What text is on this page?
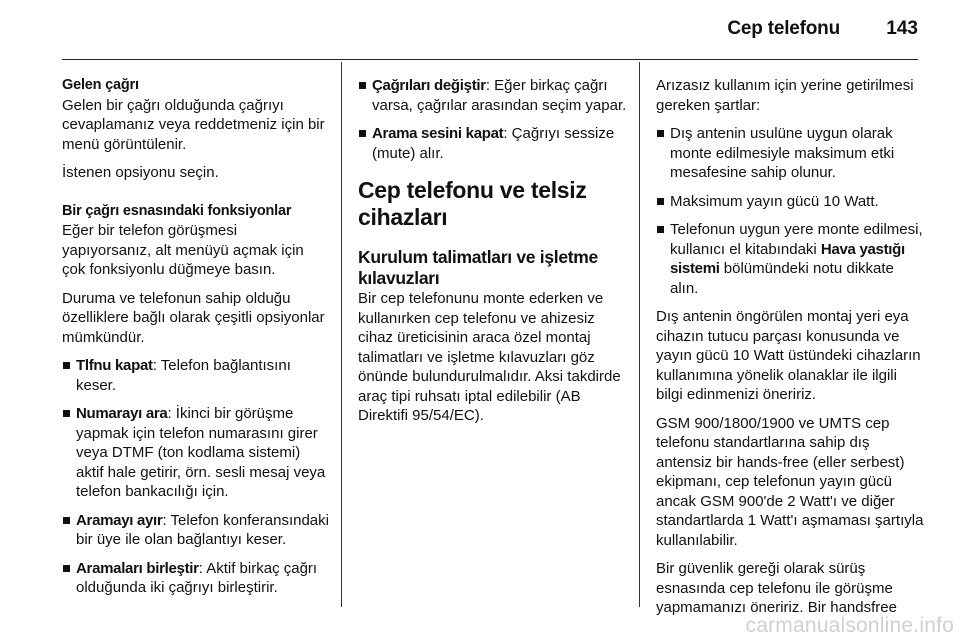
Cep telefonu 143

Gelen çağrı

Gelen bir çağrı olduğunda çağrıyı cevaplamanız veya reddetmeniz için bir menü görüntülenir.

İstenen opsiyonu seçin.

Bir çağrı esnasındaki fonksiyonlar

Eğer bir telefon görüşmesi yapıyorsanız, alt menüyü açmak için çok fonksiyonlu düğmeye basın.

Duruma ve telefonun sahip olduğu özelliklere bağlı olarak çeşitli opsiyonlar mümkündür.

Tlfnu kapat: Telefon bağlantısını keser.
Numarayı ara: İkinci bir görüşme yapmak için telefon numarasını girer veya DTMF (ton kodlama sistemi) aktif hale getirir, örn. sesli mesaj veya telefon bankacılığı için.
Aramayı ayır: Telefon konferansındaki bir üye ile olan bağlantıyı keser.
Aramaları birleştir: Aktif birkaç çağrı olduğunda iki çağrıyı birleştirir.
Çağrıları değiştir: Eğer birkaç çağrı varsa, çağrılar arasından seçim yapar.
Arama sesini kapat: Çağrıyı sessize (mute) alır.
Cep telefonu ve telsiz cihazları
Kurulum talimatları ve işletme kılavuzları

Bir cep telefonunu monte ederken ve kullanırken cep telefonu ve ahizesiz cihaz üreticisinin araca özel montaj talimatları ve işletme kılavuzları göz önünde bulundurulmalıdır. Aksi takdirde araç tipi ruhsatı iptal edilebilir (AB Direktifi 95/54/EC).

Arızasız kullanım için yerine getirilmesi gereken şartlar:

Dış antenin usulüne uygun olarak monte edilmesiyle maksimum etki mesafesine sahip olunur.
Maksimum yayın gücü 10 Watt.
Telefonun uygun yere monte edilmesi, kullanıcı el kitabındaki Hava yastığı sistemi bölümündeki notu dikkate alın.

Dış antenin öngörülen montaj yeri eya cihazın tutucu parçası konusunda ve yayın gücü 10 Watt üstündeki cihazların kullanımına yönelik olanaklar ile ilgili bilgi edinmenizi öneririz.

GSM 900/1800/1900 ve UMTS cep telefonu standartlarına sahip dış antensiz bir hands-free (eller serbest) ekipmanı, cep telefonun yayın gücü ancak GSM 900'de 2 Watt'ı ve diğer standartlarda 1 Watt'ı aşmaması şartıyla kullanılabilir.

Bir güvenlik gereği olarak sürüş esnasında cep telefonu ile görüşme yapmamanızı öneririz. Bir handsfree

carmanualsonline.info
